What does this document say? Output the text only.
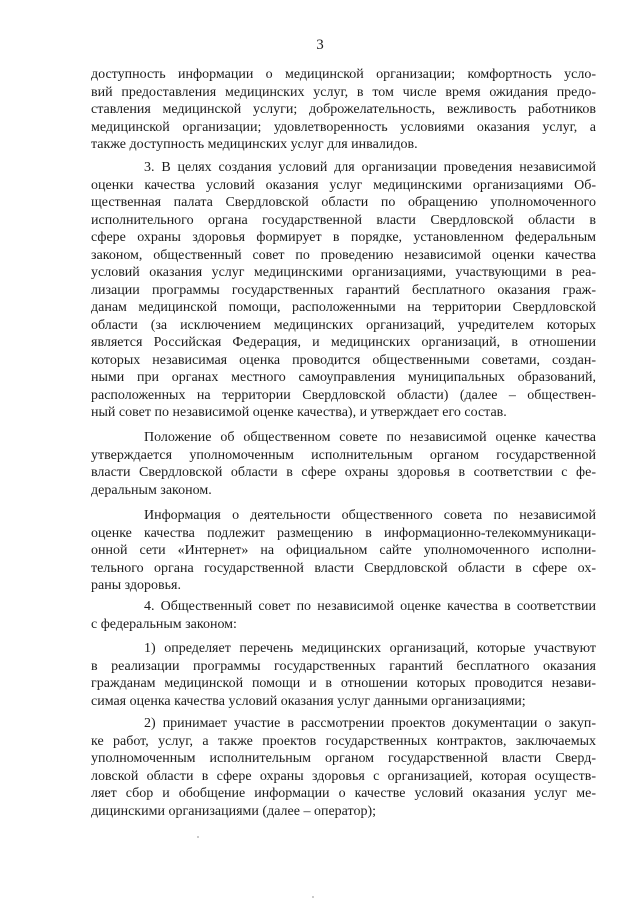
3
доступность информации о медицинской организации; комфортность усло-
вий предоставления медицинских услуг, в том числе время ожидания предо-
ставления медицинской услуги; доброжелательность, вежливость работников
медицинской организации; удовлетворенность условиями оказания услуг, а
также доступность медицинских услуг для инвалидов.
3. В целях создания условий для организации проведения независимой
оценки качества условий оказания услуг медицинскими организациями Об-
щественная палата Свердловской области по обращению уполномоченного
исполнительного органа государственной власти Свердловской области в
сфере охраны здоровья формирует в порядке, установленном федеральным
законом, общественный совет по проведению независимой оценки качества
условий оказания услуг медицинскими организациями, участвующими в реа-
лизации программы государственных гарантий бесплатного оказания граж-
данам медицинской помощи, расположенными на территории Свердловской
области (за исключением медицинских организаций, учредителем которых
является Российская Федерация, и медицинских организаций, в отношении
которых независимая оценка проводится общественными советами, создан-
ными при органах местного самоуправления муниципальных образований,
расположенных на территории Свердловской области) (далее – обществен-
ный совет по независимой оценке качества), и утверждает его состав.
Положение об общественном совете по независимой оценке качества
утверждается уполномоченным исполнительным органом государственной
власти Свердловской области в сфере охраны здоровья в соответствии с фе-
деральным законом.
Информация о деятельности общественного совета по независимой
оценке качества подлежит размещению в информационно-телекоммуникаци-
онной сети «Интернет» на официальном сайте уполномоченного исполни-
тельного органа государственной власти Свердловской области в сфере ох-
раны здоровья.
4. Общественный совет по независимой оценке качества в соответствии
с федеральным законом:
1) определяет перечень медицинских организаций, которые участвуют
в реализации программы государственных гарантий бесплатного оказания
гражданам медицинской помощи и в отношении которых проводится незави-
симая оценка качества условий оказания услуг данными организациями;
2) принимает участие в рассмотрении проектов документации о закуп-
ке работ, услуг, а также проектов государственных контрактов, заключаемых
уполномоченным исполнительным органом государственной власти Сверд-
ловской области в сфере охраны здоровья с организацией, которая осуществ-
ляет сбор и обобщение информации о качестве условий оказания услуг ме-
дицинскими организациями (далее – оператор);
